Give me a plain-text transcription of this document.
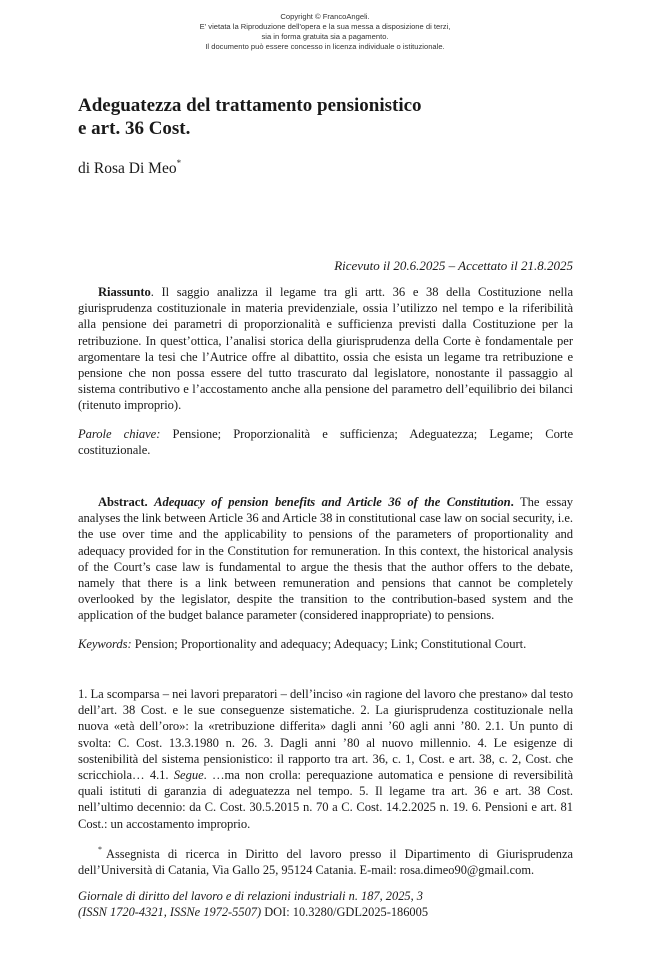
Copyright © FrancoAngeli.
E' vietata la Riproduzione dell'opera e la sua messa a disposizione di terzi,
sia in forma gratuita sia a pagamento.
Il documento può essere concesso in licenza individuale o istituzionale.
Adeguatezza del trattamento pensionistico
e art. 36 Cost.
di Rosa Di Meo*
Ricevuto il 20.6.2025 – Accettato il 21.8.2025

Riassunto. Il saggio analizza il legame tra gli artt. 36 e 38 della Costituzione nella giurisprudenza costituzionale in materia previdenziale, ossia l’utilizzo nel tempo e la riferibilità alla pensione dei parametri di proporzionalità e sufficienza previsti dalla Costituzione per la retribuzione. In quest’ottica, l’analisi storica della giurisprudenza della Corte è fondamentale per argomentare la tesi che l’Autrice offre al dibattito, ossia che esista un legame tra retribuzione e pensione che non possa essere del tutto trascurato dal legislatore, nonostante il passaggio al sistema contributivo e l’accostamento anche alla pensione del parametro dell’equilibrio dei bilanci (ritenuto improprio).

Parole chiave: Pensione; Proporzionalità e sufficienza; Adeguatezza; Legame; Corte costituzionale.

Abstract. Adequacy of pension benefits and Article 36 of the Constitution. The essay analyses the link between Article 36 and Article 38 in constitutional case law on social security, i.e. the use over time and the applicability to pensions of the parameters of proportionality and adequacy provided for in the Constitution for remuneration. In this context, the historical analysis of the Court’s case law is fundamental to argue the thesis that the author offers to the debate, namely that there is a link between remuneration and pensions that cannot be completely overlooked by the legislator, despite the transition to the contribution-based system and the application of the budget balance parameter (considered inappropriate) to pensions.

Keywords: Pension; Proportionality and adequacy; Adequacy; Link; Constitutional Court.

1. La scomparsa – nei lavori preparatori – dell’inciso «in ragione del lavoro che prestano» dal testo dell’art. 38 Cost. e le sue conseguenze sistematiche. 2. La giurisprudenza costituzionale nella nuova «età dell’oro»: la «retribuzione differita» dagli anni ’60 agli anni ’80. 2.1. Un punto di svolta: C. Cost. 13.3.1980 n. 26. 3. Dagli anni ’80 al nuovo millennio. 4. Le esigenze di sostenibilità del sistema pensionistico: il rapporto tra art. 36, c. 1, Cost. e art. 38, c. 2, Cost. che scricchiola… 4.1. Segue. …ma non crolla: perequazione automatica e pensione di reversibilità quali istituti di garanzia di adeguatezza nel tempo. 5. Il legame tra art. 36 e art. 38 Cost. nell’ultimo decennio: da C. Cost. 30.5.2015 n. 70 a C. Cost. 14.2.2025 n. 19. 6. Pensioni e art. 81 Cost.: un accostamento improprio.

* Assegnista di ricerca in Diritto del lavoro presso il Dipartimento di Giurisprudenza dell’Università di Catania, Via Gallo 25, 95124 Catania. E-mail: rosa.dimeo90@gmail.com.

Giornale di diritto del lavoro e di relazioni industriali n. 187, 2025, 3
(ISSN 1720-4321, ISSNe 1972-5507) DOI: 10.3280/GDL2025-186005
